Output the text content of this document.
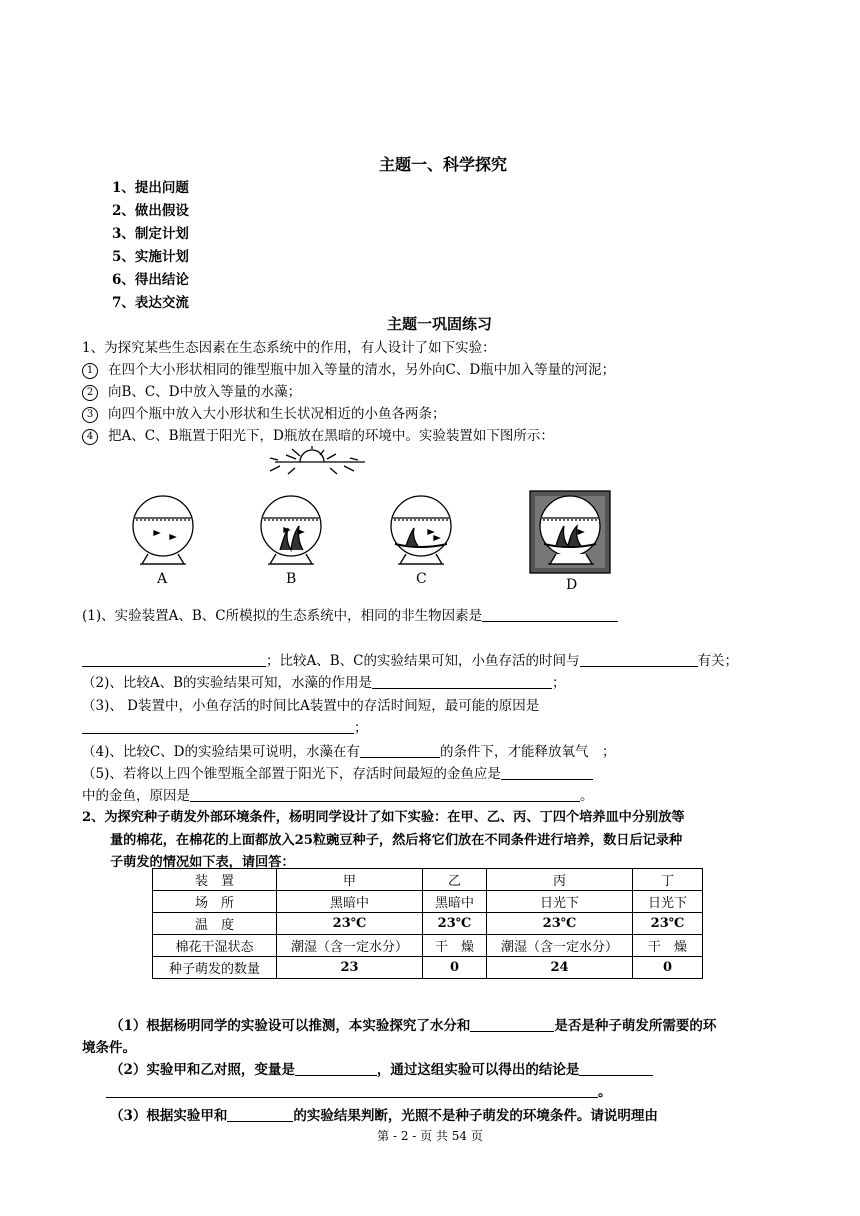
主题一、科学探究
1、提出问题
2、做出假设
3、制定计划
5、实施计划
6、得出结论
7、表达交流
主题一巩固练习
1、为探究某些生态因素在生态系统中的作用，有人设计了如下实验：
1 在四个大小形状相同的锥型瓶中加入等量的清水，另外向C、D瓶中加入等量的河泥；
2 向B、C、D中放入等量的水藻；
3 向四个瓶中放入大小形状和生长状况相近的小鱼各两条；
4 把A、C、B瓶置于阳光下，D瓶放在黑暗的环境中。实验装置如下图所示：
A	B	C	D
(1)、实验装置A、B、C所模拟的生态系统中，相同的非生物因素是
；比较A、B、C的实验结果可知，小鱼存活的时间与	有关；
（2)、比较A、B的实验结果可知，水藻的作用是	；
（3)、 D装置中，小鱼存活的时间比A装置中的存活时间短，最可能的原因是
；
（4)、比较C、D的实验结果可说明，水藻在有	的条件下，才能释放氧气　；
（5)、若将以上四个锥型瓶全部置于阳光下，存活时间最短的金鱼应是
中的金鱼，原因是	。
2、为探究种子萌发外部环境条件，杨明同学设计了如下实验：在甲、乙、丙、丁四个培养皿中分别放等
量的棉花，在棉花的上面都放入25粒豌豆种子，然后将它们放在不同条件进行培养，数日后记录种
子萌发的情况如下表，请回答：
装　置	甲	乙	丙	丁
场　所	黑暗中	黑暗中	日光下	日光下
温　度	23℃	23℃	23℃	23℃
棉花干湿状态	潮湿（含一定水分）	干　燥	潮湿（含一定水分）	干　燥
种子萌发的数量	23	0	24	0
（1）根据杨明同学的实验设可以推测，本实验探究了水分和	是否是种子萌发所需要的环
境条件。
（2）实验甲和乙对照，变量是	，通过这组实验可以得出的结论是
。
（3）根据实验甲和	的实验结果判断，光照不是种子萌发的环境条件。请说明理由
第 - 2 - 页 共 54 页
